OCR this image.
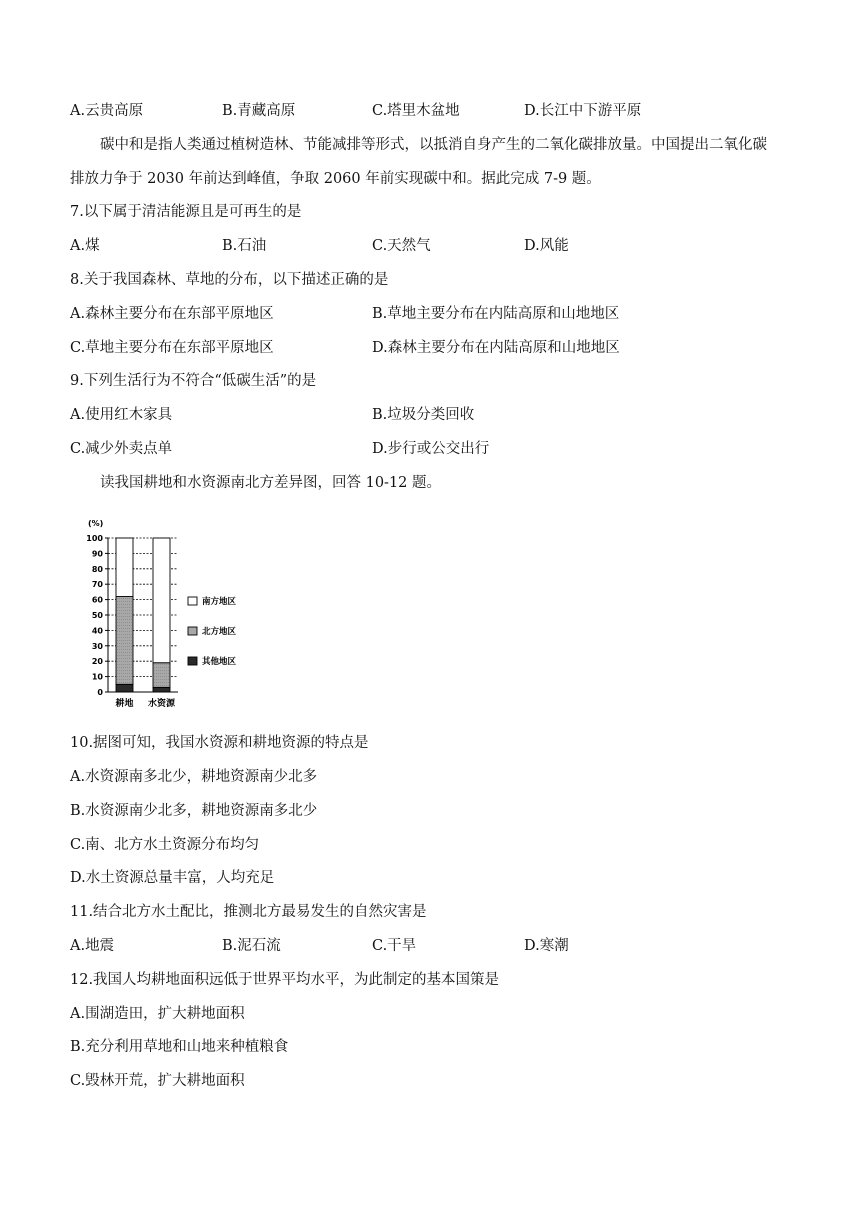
A.云贵高原	B.青藏高原	C.塔里木盆地	D.长江中下游平原
碳中和是指人类通过植树造林、节能减排等形式，以抵消自身产生的二氧化碳排放量。中国提出二氧化碳
排放力争于 2030 年前达到峰值，争取 2060 年前实现碳中和。据此完成 7-9 题。
7.以下属于清洁能源且是可再生的是
A.煤	B.石油	C.天然气	D.风能
8.关于我国森林、草地的分布，以下描述正确的是
A.森林主要分布在东部平原地区	B.草地主要分布在内陆高原和山地地区
C.草地主要分布在东部平原地区	D.森林主要分布在内陆高原和山地地区
9.下列生活行为不符合“低碳生活”的是
A.使用红木家具	B.垃圾分类回收
C.减少外卖点单	D.步行或公交出行
读我国耕地和水资源南北方差异图，回答 10-12 题。
100
90
80
70
60
50
40
30
20
10
0
耕地 水资源
南方地区
北方地区
其他地区
(%)
10.据图可知，我国水资源和耕地资源的特点是
A.水资源南多北少，耕地资源南少北多
B.水资源南少北多，耕地资源南多北少
C.南、北方水土资源分布均匀
D.水土资源总量丰富，人均充足
11.结合北方水土配比，推测北方最易发生的自然灾害是
A.地震	B.泥石流	C.干旱	D.寒潮
12.我国人均耕地面积远低于世界平均水平，为此制定的基本国策是
A.围湖造田，扩大耕地面积
B.充分利用草地和山地来种植粮食
C.毁林开荒，扩大耕地面积
